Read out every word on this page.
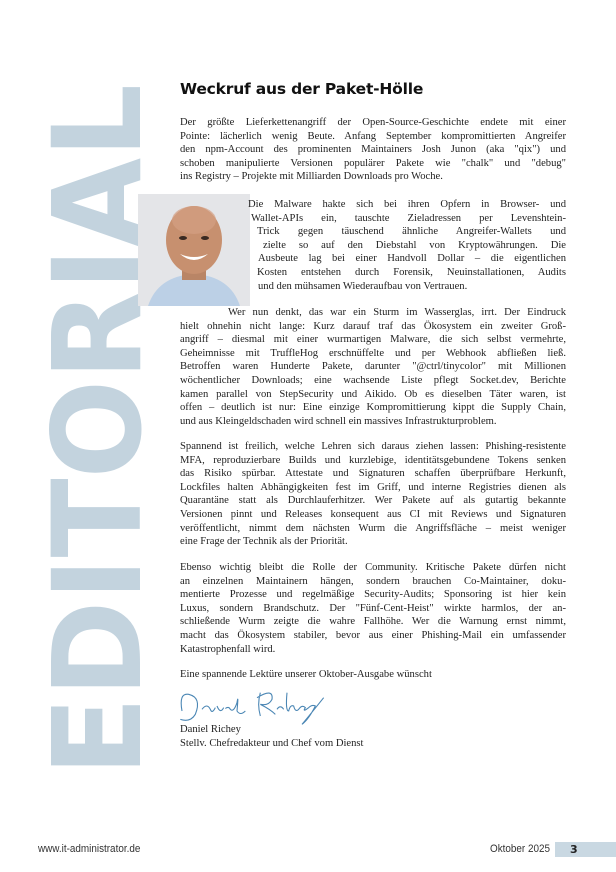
EDITORIAL Weckruf aus der Paket-Hölle
Der größte Lieferkettenangriff der Open-Source-Geschichte endete mit einer
Pointe: lächerlich wenig Beute. Anfang September kompromittierten Angreifer
den npm-Account des prominenten Maintainers Josh Junon (aka "qix") und
schoben manipulierte Versionen populärer Pakete wie "chalk" und "debug"
ins Registry – Projekte mit Milliarden Downloads pro Woche.
Die Malware hakte sich bei ihren Opfern in Browser- und
Wallet-APIs ein, tauschte Zieladressen per Levenshtein-
Trick gegen täuschend ähnliche Angreifer-Wallets und
zielte so auf den Diebstahl von Kryptowährungen. Die
Ausbeute lag bei einer Handvoll Dollar – die eigentlichen
Kosten entstehen durch Forensik, Neuinstallationen, Audits
und den mühsamen Wiederaufbau von Vertrauen.
Wer nun denkt, das war ein Sturm im Wasserglas, irrt. Der Eindruck
hielt ohnehin nicht lange: Kurz darauf traf das Ökosystem ein zweiter Groß-
angriff – diesmal mit einer wurmartigen Malware, die sich selbst vermehrte,
Geheimnisse mit TruffleHog erschnüffelte und per Webhook abfließen ließ.
Betroffen waren Hunderte Pakete, darunter "@ctrl/tinycolor" mit Millionen
wöchentlicher Downloads; eine wachsende Liste pflegt Socket.dev, Berichte
kamen parallel von StepSecurity und Aikido. Ob es dieselben Täter waren, ist
offen – deutlich ist nur: Eine einzige Kompromittierung kippt die Supply Chain,
und aus Kleingeldschaden wird schnell ein massives Infrastrukturproblem.
Spannend ist freilich, welche Lehren sich daraus ziehen lassen: Phishing-resistente
MFA, reproduzierbare Builds und kurzlebige, identitätsgebundene Tokens senken
das Risiko spürbar. Attestate und Signaturen schaffen überprüfbare Herkunft,
Lockfiles halten Abhängigkeiten fest im Griff, und interne Registries dienen als
Quarantäne statt als Durchlauferhitzer. Wer Pakete auf als gutartig bekannte
Versionen pinnt und Releases konsequent aus CI mit Reviews und Signaturen
veröffentlicht, nimmt dem nächsten Wurm die Angriffsfläche – meist weniger
eine Frage der Technik als der Priorität.
Ebenso wichtig bleibt die Rolle der Community. Kritische Pakete dürfen nicht
an einzelnen Maintainern hängen, sondern brauchen Co-Maintainer, doku-
mentierte Prozesse und regelmäßige Security-Audits; Sponsoring ist hier kein
Luxus, sondern Brandschutz. Der "Fünf-Cent-Heist" wirkte harmlos, der an-
schließende Wurm zeigte die wahre Fallhöhe. Wer die Warnung ernst nimmt,
macht das Ökosystem stabiler, bevor aus einer Phishing-Mail ein umfassender
Katastrophenfall wird.
Eine spannende Lektüre unserer Oktober-Ausgabe wünscht
Daniel Richey
Stellv. Chefredakteur und Chef vom Dienst
www.it-administrator.de	Oktober 2025 3
